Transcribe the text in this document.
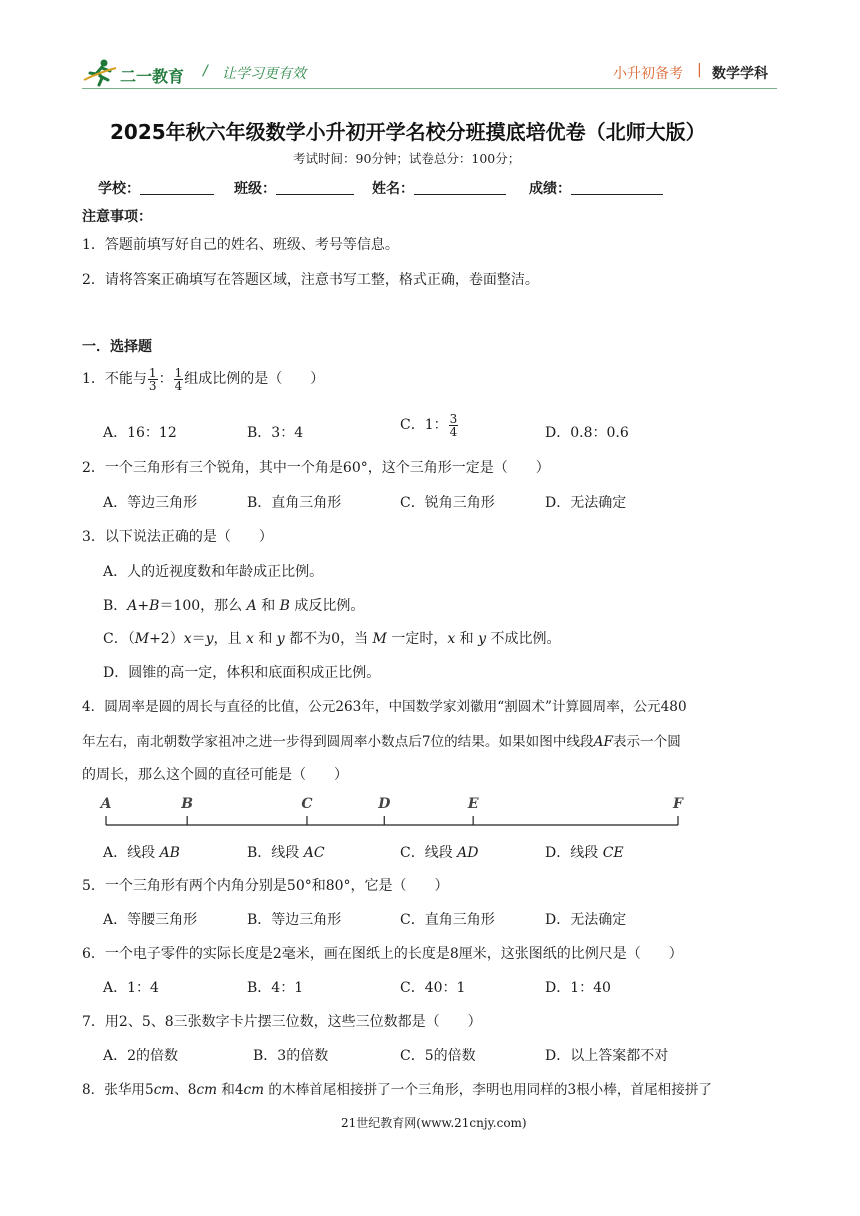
二一教育 / 让学习更有效	小升初备考 | 数学学科
2025年秋六年级数学小升初开学名校分班摸底培优卷（北师大版）
考试时间：90分钟；试卷总分：100分；
学校：	班级：	姓名：	成绩：
注意事项：
1．答题前填写好自己的姓名、班级、考号等信息。
2．请将答案正确填写在答题区域，注意书写工整，格式正确，卷面整洁。
一．选择题
1．不能与 $\frac{1}{3}$ ： $\frac{1}{4}$ 组成比例的是（　　）
A．16：12	B．3：4	C．1： $\frac{3}{4}$	D．0.8：0.6
2．一个三角形有三个锐角，其中一个角是60°，这个三角形一定是（　　）
A．等边三角形	B．直角三角形	C．锐角三角形	D．无法确定
3．以下说法正确的是（　　）
A．人的近视度数和年龄成正比例。
B．A+B＝100，那么 A 和 B 成反比例。
C．（M+2）x＝y，且 x 和 y 都不为0，当 M 一定时，x 和 y 不成比例。
D．圆锥的高一定，体积和底面积成正比例。
4．圆周率是圆的周长与直径的比值，公元263年，中国数学家刘徽用“割圆术”计算圆周率，公元480
年左右，南北朝数学家祖冲之进一步得到圆周率小数点后7位的结果。如果如图中线段AF表示一个圆
的周长，那么这个圆的直径可能是（　　）
A	B	C	D	E	F
A．线段 AB	B．线段 AC	C．线段 AD	D．线段 CE
5．一个三角形有两个内角分别是50°和80°，它是（　　）
A．等腰三角形	B．等边三角形	C．直角三角形	D．无法确定
6．一个电子零件的实际长度是2毫米，画在图纸上的长度是8厘米，这张图纸的比例尺是（　　）
A．1：4	B．4：1	C．40：1	D．1：40
7．用2、5、8三张数字卡片摆三位数，这些三位数都是（　　）
A．2的倍数	B．3的倍数	C．5的倍数	D．以上答案都不对
8．张华用5cm、8cm 和4cm 的木棒首尾相接拼了一个三角形，李明也用同样的3根小棒，首尾相接拼了
21世纪教育网(www.21cnjy.com)
